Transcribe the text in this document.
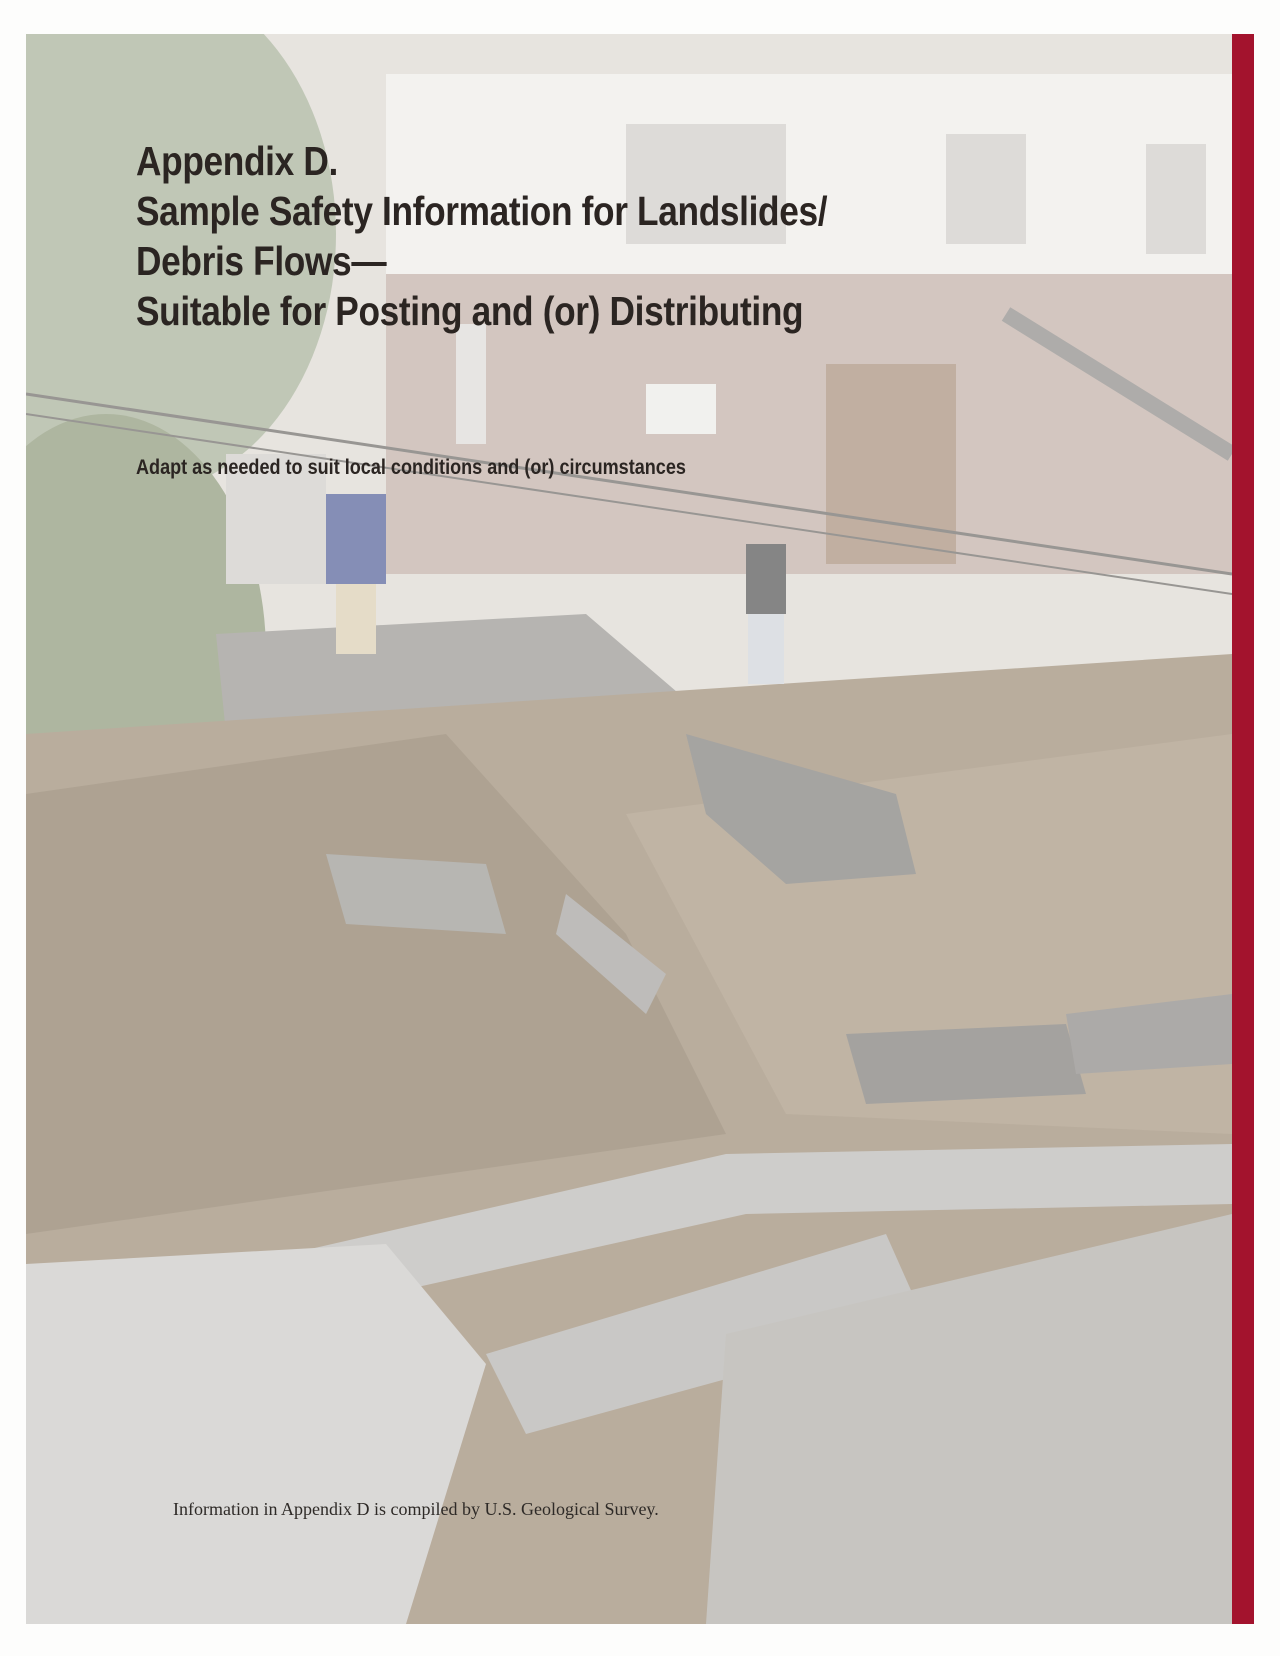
Appendix D.
Sample Safety Information for Landslides/
Debris Flows—
Suitable for Posting and (or) Distributing
Adapt as needed to suit local conditions and (or) circumstances
Information in Appendix D is compiled by U.S. Geological Survey.
